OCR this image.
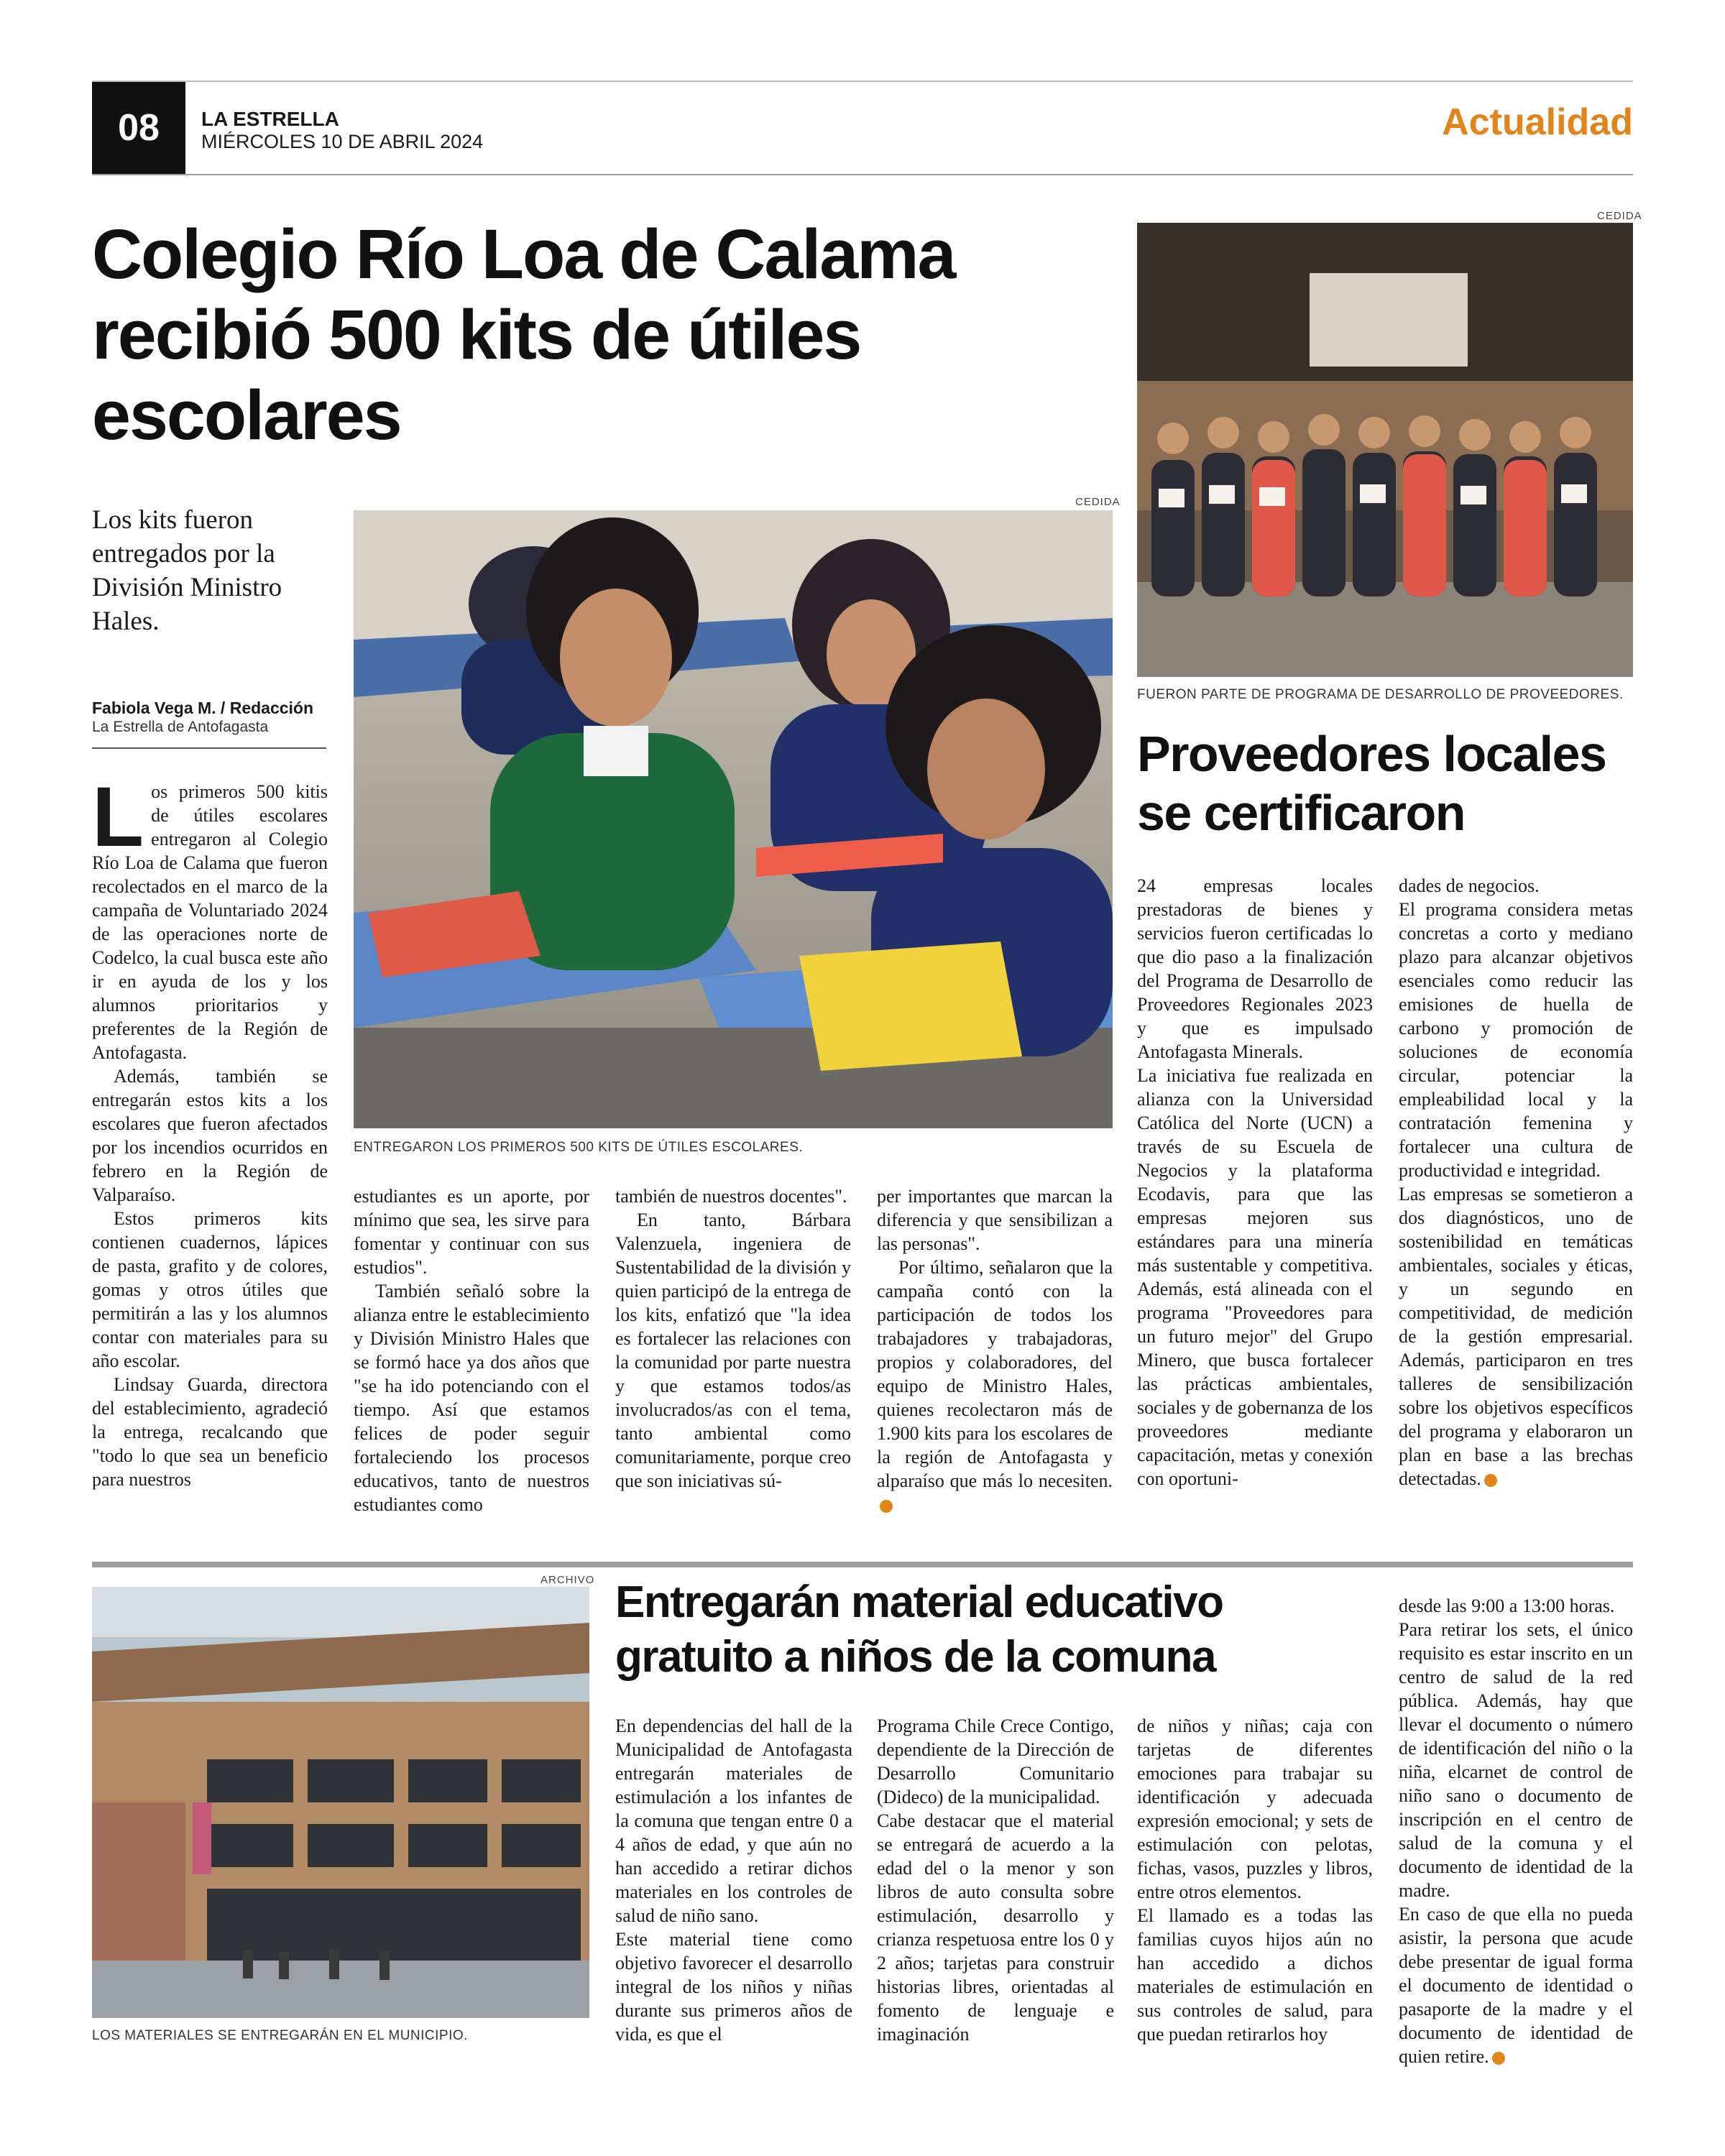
08	LA ESTRELLA
MIÉRCOLES 10 DE ABRIL 2024	Actualidad
Colegio Río Loa de Calama recibió 500 kits de útiles escolares
Los kits fueron entregados por la División Ministro Hales.
Fabiola Vega M. / Redacción
La Estrella de Antofagasta
CEDIDA
ENTREGARON LOS PRIMEROS 500 KITS DE ÚTILES ESCOLARES.

Los primeros 500 kitis de útiles escolares entregaron al Colegio Río Loa de Calama que fueron recolectados en el marco de la campaña de Voluntariado 2024 de las operaciones norte de Codelco, la cual busca este año ir en ayuda de los y los alumnos prioritarios y preferentes de la Región de Antofagasta.

Además, también se entregarán estos kits a los escolares que fueron afectados por los incendios ocurridos en febrero en la Región de Valparaíso.

Estos primeros kits contienen cuadernos, lápices de pasta, grafito y de colores, gomas y otros útiles que permitirán a las y los alumnos contar con materiales para su año escolar.

Lindsay Guarda, directora del establecimiento, agradeció la entrega, recalcando que "todo lo que sea un beneficio para nuestros

estudiantes es un aporte, por mínimo que sea, les sirve para fomentar y continuar con sus estudios".

También señaló sobre la alianza entre le establecimiento y División Ministro Hales que se formó hace ya dos años que "se ha ido potenciando con el tiempo. Así que estamos felices de poder seguir fortaleciendo los procesos educativos, tanto de nuestros estudiantes como

también de nuestros docentes".

En tanto, Bárbara Valenzuela, ingeniera de Sustentabilidad de la división y quien participó de la entrega de los kits, enfatizó que "la idea es fortalecer las relaciones con la comunidad por parte nuestra y que estamos todos/as involucrados/as con el tema, tanto ambiental como comunitariamente, porque creo que son iniciativas sú-

per importantes que marcan la diferencia y que sensibilizan a las personas".

Por último, señalaron que la campaña contó con la participación de todos los trabajadores y trabajadoras, propios y colaboradores, del equipo de Ministro Hales, quienes recolectaron más de 1.900 kits para los escolares de la región de Antofagasta y alparaíso que más lo necesiten.

CEDIDA
FUERON PARTE DE PROGRAMA DE DESARROLLO DE PROVEEDORES.
Proveedores locales se certificaron

24 empresas locales prestadoras de bienes y servicios fueron certificadas lo que dio paso a la finalización del Programa de Desarrollo de Proveedores Regionales 2023 y que es impulsado Antofagasta Minerals.

La iniciativa fue realizada en alianza con la Universidad Católica del Norte (UCN) a través de su Escuela de Negocios y la plataforma Ecodavis, para que las empresas mejoren sus estándares para una minería más sustentable y competitiva. Además, está alineada con el programa "Proveedores para un futuro mejor" del Grupo Minero, que busca fortalecer las prácticas ambientales, sociales y de gobernanza de los proveedores mediante capacitación, metas y conexión con oportuni-

dades de negocios.

El programa considera metas concretas a corto y mediano plazo para alcanzar objetivos esenciales como reducir las emisiones de huella de carbono y promoción de soluciones de economía circular, potenciar la empleabilidad local y la contratación femenina y fortalecer una cultura de productividad e integridad.

Las empresas se sometieron a dos diagnósticos, uno de sostenibilidad en temáticas ambientales, sociales y éticas, y un segundo en competitividad, de medición de la gestión empresarial. Además, participaron en tres talleres de sensibilización sobre los objetivos específicos del programa y elaboraron un plan en base a las brechas detectadas.

ARCHIVO
LOS MATERIALES SE ENTREGARÁN EN EL MUNICIPIO.
Entregarán material educativo gratuito a niños de la comuna

En dependencias del hall de la Municipalidad de Antofagasta entregarán materiales de estimulación a los infantes de la comuna que tengan entre 0 a 4 años de edad, y que aún no han accedido a retirar dichos materiales en los controles de salud de niño sano.

Este material tiene como objetivo favorecer el desarrollo integral de los niños y niñas durante sus primeros años de vida, es que el

Programa Chile Crece Contigo, dependiente de la Dirección de Desarrollo Comunitario (Dideco) de la municipalidad.

Cabe destacar que el material se entregará de acuerdo a la edad del o la menor y son libros de auto consulta sobre estimulación, desarrollo y crianza respetuosa entre los 0 y 2 años; tarjetas para construir historias libres, orientadas al fomento de lenguaje e imaginación

de niños y niñas; caja con tarjetas de diferentes emociones para trabajar su identificación y adecuada expresión emocional; y sets de estimulación con pelotas, fichas, vasos, puzzles y libros, entre otros elementos.

El llamado es a todas las familias cuyos hijos aún no han accedido a dichos materiales de estimulación en sus controles de salud, para que puedan retirarlos hoy

desde las 9:00 a 13:00 horas.

Para retirar los sets, el único requisito es estar inscrito en un centro de salud de la red pública. Además, hay que llevar el documento o número de identificación del niño o la niña, elcarnet de control de niño sano o documento de inscripción en el centro de salud de la comuna y el documento de identidad de la madre.

En caso de que ella no pueda asistir, la persona que acude debe presentar de igual forma el documento de identidad o pasaporte de la madre y el documento de identidad de quien retire.
